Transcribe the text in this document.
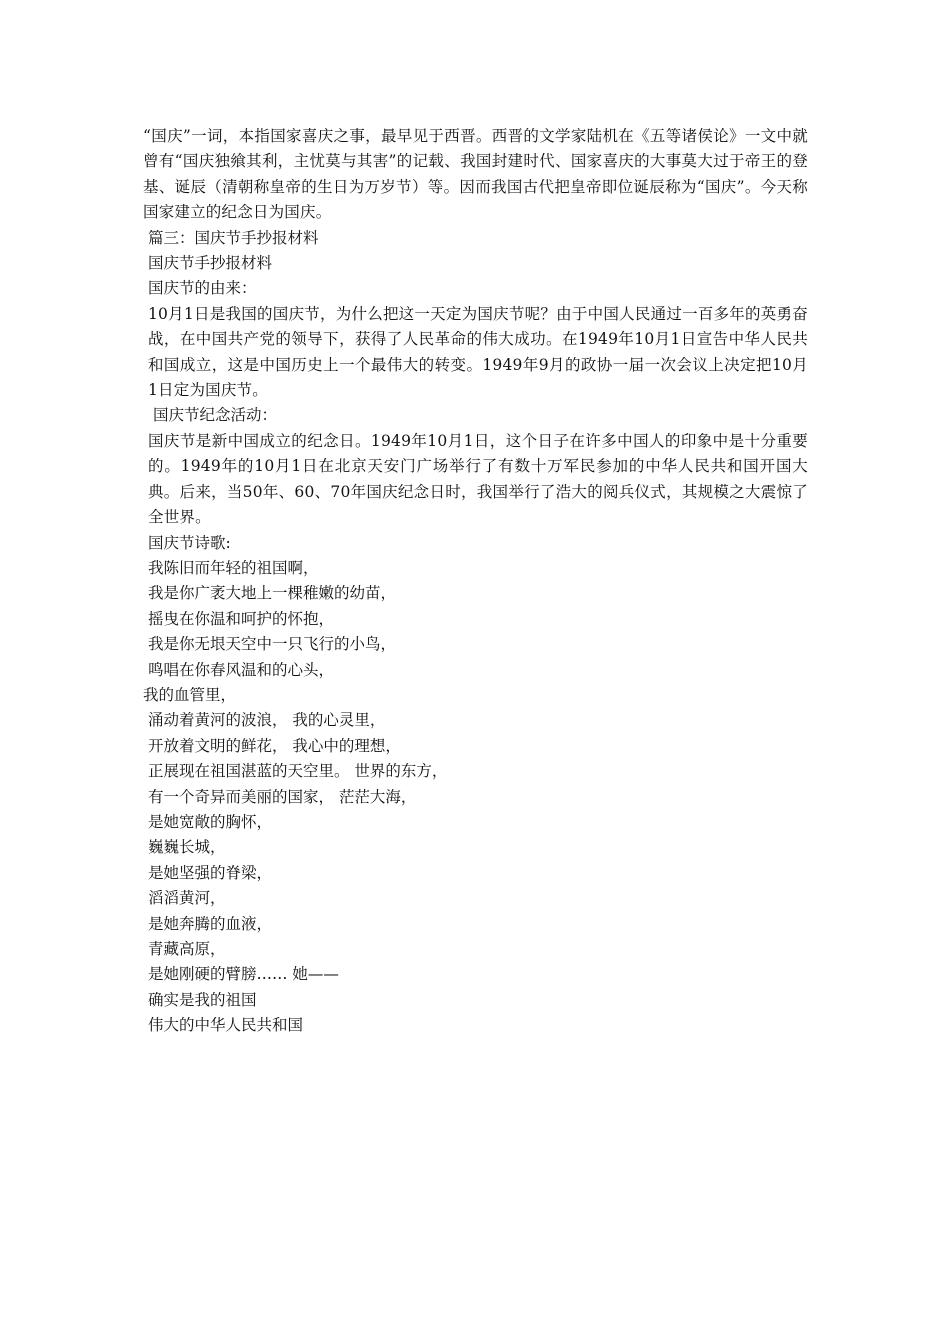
“国庆”一词，本指国家喜庆之事，最早见于西晋。西晋的文学家陆机在《五等诸侯论》一文中就曾有“国庆独飨其利，主忧莫与其害”的记载、我国封建时代、国家喜庆的大事莫大过于帝王的登基、诞辰（清朝称皇帝的生日为万岁节）等。因而我国古代把皇帝即位诞辰称为“国庆”。今天称国家建立的纪念日为国庆。

篇三：国庆节手抄报材料

国庆节手抄报材料

国庆节的由来：

10月1日是我国的国庆节，为什么把这一天定为国庆节呢？由于中国人民通过一百多年的英勇奋战，在中国共产党的领导下，获得了人民革命的伟大成功。在1949年10月1日宣告中华人民共和国成立，这是中国历史上一个最伟大的转变。1949年9月的政协一届一次会议上决定把10月1日定为国庆节。

国庆节纪念活动：

国庆节是新中国成立的纪念日。1949年10月1日，这个日子在许多中国人的印象中是十分重要的。1949年的10月1日在北京天安门广场举行了有数十万军民参加的中华人民共和国开国大典。后来，当50年、60、70年国庆纪念日时，我国举行了浩大的阅兵仪式，其规模之大震惊了全世界。

国庆节诗歌:

我陈旧而年轻的祖国啊，

我是你广袤大地上一棵稚嫩的幼苗，

摇曳在你温和呵护的怀抱，

我是你无垠天空中一只飞行的小鸟，

鸣唱在你春风温和的心头，

我的血管里，

涌动着黄河的波浪， 我的心灵里，

开放着文明的鲜花， 我心中的理想，

正展现在祖国湛蓝的天空里。 世界的东方，

有一个奇异而美丽的国家， 茫茫大海，

是她宽敞的胸怀，

巍巍长城，

是她坚强的脊梁，

滔滔黄河，

是她奔腾的血液，

青藏高原，

是她刚硬的臂膀…… 她——

确实是我的祖国

伟大的中华人民共和国
